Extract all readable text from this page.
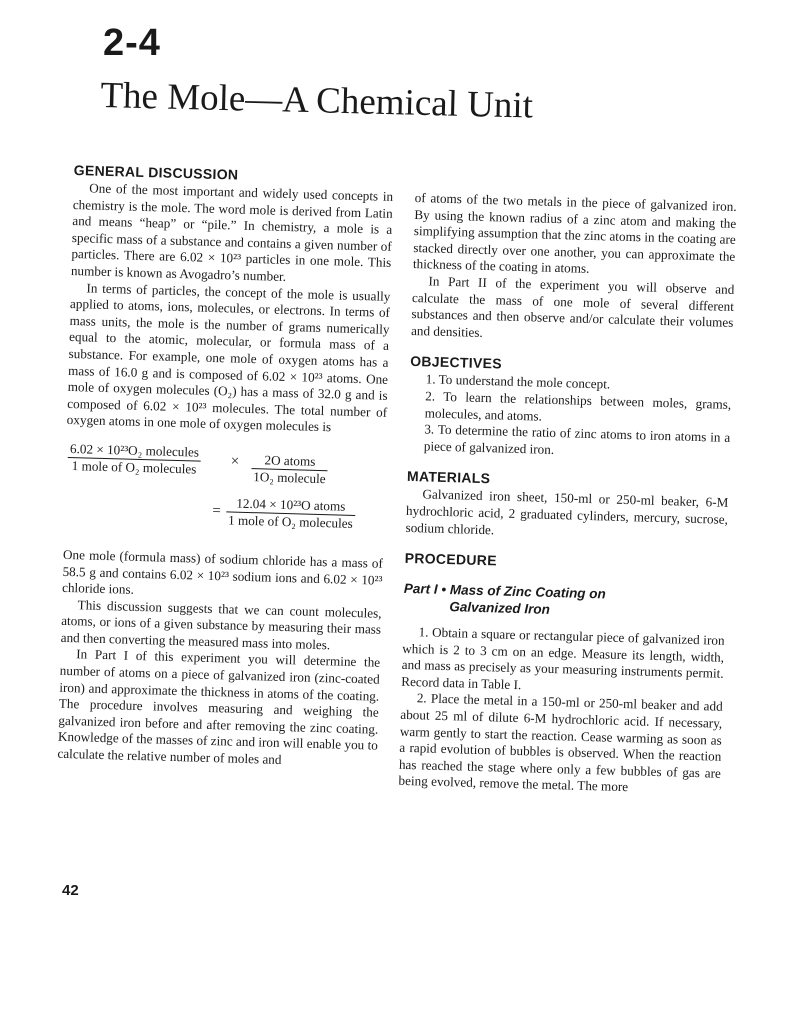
2-4
The Mole—A Chemical Unit
GENERAL DISCUSSION

One of the most important and widely used concepts in chemistry is the mole. The word mole is derived from Latin and means “heap” or “pile.” In chemistry, a mole is a specific mass of a substance and contains a given number of particles. There are 6.02 × 10²³ particles in one mole. This number is known as Avogadro’s number.

In terms of particles, the concept of the mole is usually applied to atoms, ions, molecules, or electrons. In terms of mass units, the mole is the number of grams numerically equal to the atomic, molecular, or formula mass of a substance. For example, one mole of oxygen atoms has a mass of 16.0 g and is composed of 6.02 × 10²³ atoms. One mole of oxygen molecules (O₂) has a mass of 32.0 g and is composed of 6.02 × 10²³ molecules. The total number of oxygen atoms in one mole of oxygen molecules is

6.02 × 10²³O₂ molecules
1 mole of O₂ molecules ×	2O atoms
1O₂ molecule
=	12.04 × 10²³O atoms
1 mole of O₂ molecules

One mole (formula mass) of sodium chloride has a mass of 58.5 g and contains 6.02 × 10²³ sodium ions and 6.02 × 10²³ chloride ions.

This discussion suggests that we can count molecules, atoms, or ions of a given substance by measuring their mass and then converting the measured mass into moles.

In Part I of this experiment you will determine the number of atoms on a piece of galvanized iron (zinc-coated iron) and approximate the thickness in atoms of the coating. The procedure involves measuring and weighing the galvanized iron before and after removing the zinc coating. Knowledge of the masses of zinc and iron will enable you to calculate the relative number of moles and

42

of atoms of the two metals in the piece of galvanized iron. By using the known radius of a zinc atom and making the simplifying assumption that the zinc atoms in the coating are stacked directly over one another, you can approximate the thickness of the coating in atoms.

In Part II of the experiment you will observe and calculate the mass of one mole of several different substances and then observe and/or calculate their volumes and densities.

OBJECTIVES

1. To understand the mole concept.

2. To learn the relationships between moles, grams, molecules, and atoms.

3. To determine the ratio of zinc atoms to iron atoms in a piece of galvanized iron.

MATERIALS

Galvanized iron sheet, 150-ml or 250-ml beaker, 6-M hydrochloric acid, 2 graduated cylinders, mercury, sucrose, sodium chloride.

PROCEDURE
Part I • Mass of Zinc Coating on
Galvanized Iron

1. Obtain a square or rectangular piece of galvanized iron which is 2 to 3 cm on an edge. Measure its length, width, and mass as precisely as your measuring instruments permit. Record data in Table I.

2. Place the metal in a 150-ml or 250-ml beaker and add about 25 ml of dilute 6-M hydrochloric acid. If necessary, warm gently to start the reaction. Cease warming as soon as a rapid evolution of bubbles is observed. When the reaction has reached the stage where only a few bubbles of gas are being evolved, remove the metal. The more
